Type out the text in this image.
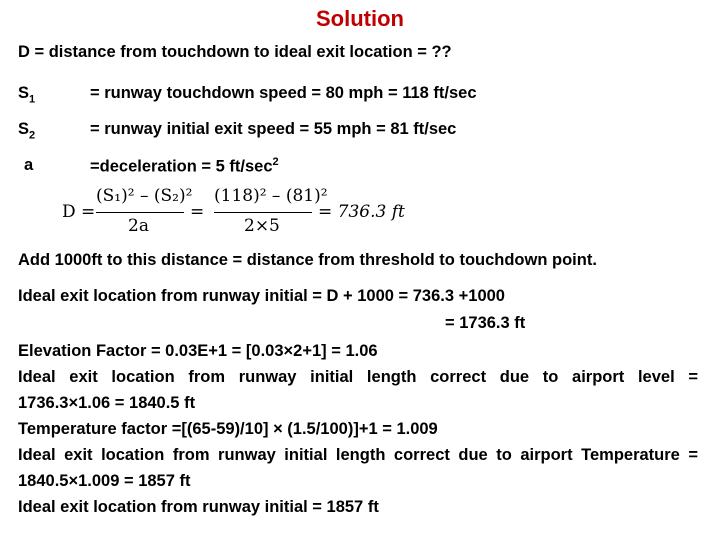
Solution
D = distance from touchdown to ideal exit location = ??
$S_1$	= runway touchdown speed = 80 mph = 118 ft/sec
$S_2$	= runway initial exit speed = 55 mph = 81 ft/sec
a	=deceleration = 5 $ft/\sec^2$
D =
(S₁)² – (S₂)²
2a
=
(118)² – (81)²
2×5
= 736.3 ft
Add 1000ft to this distance = distance from threshold to touchdown point.
Ideal exit location from runway initial = D + 1000 = 736.3 +1000
= 1736.3 ft
Elevation Factor = 0.03E+1 = [0.03×2+1] = 1.06
Ideal exit location from runway initial length correct due to airport level =
1736.3×1.06 = 1840.5 ft
Temperature factor =[(65-59)/10] × (1.5/100)]+1 = 1.009
Ideal exit location from runway initial length correct due to airport Temperature =
1840.5×1.009 = 1857 ft
Ideal exit location from runway initial = 1857 ft
